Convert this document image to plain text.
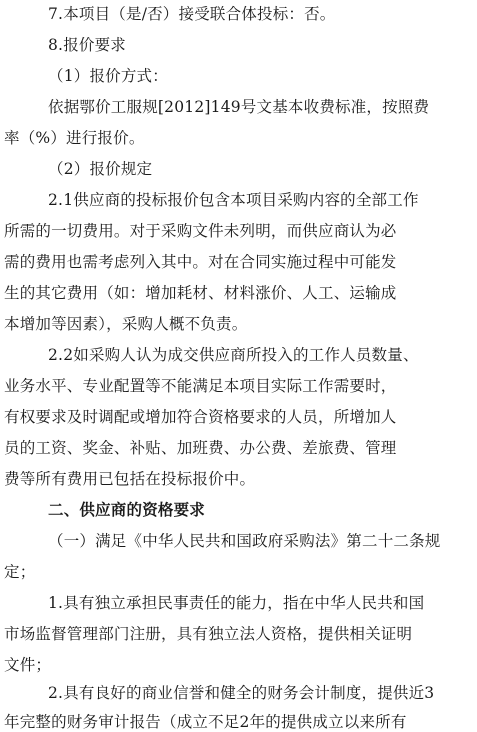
7.本项目（是/否）接受联合体投标：否。
8.报价要求
（1）报价方式：
依据鄂价工服规[2012]149号文基本收费标准，按照费
率（%）进行报价。
（2）报价规定
2.1供应商的投标报价包含本项目采购内容的全部工作
所需的一切费用。对于采购文件未列明，而供应商认为必
需的费用也需考虑列入其中。对在合同实施过程中可能发
生的其它费用（如：增加耗材、材料涨价、人工、运输成
本增加等因素），采购人概不负责。
2.2如采购人认为成交供应商所投入的工作人员数量、
业务水平、专业配置等不能满足本项目实际工作需要时，
有权要求及时调配或增加符合资格要求的人员，所增加人
员的工资、奖金、补贴、加班费、办公费、差旅费、管理
费等所有费用已包括在投标报价中。
二、供应商的资格要求
（一）满足《中华人民共和国政府采购法》第二十二条规
定；
1.具有独立承担民事责任的能力，指在中华人民共和国
市场监督管理部门注册，具有独立法人资格，提供相关证明
文件；
2.具有良好的商业信誉和健全的财务会计制度，提供近3
年完整的财务审计报告（成立不足2年的提供成立以来所有
